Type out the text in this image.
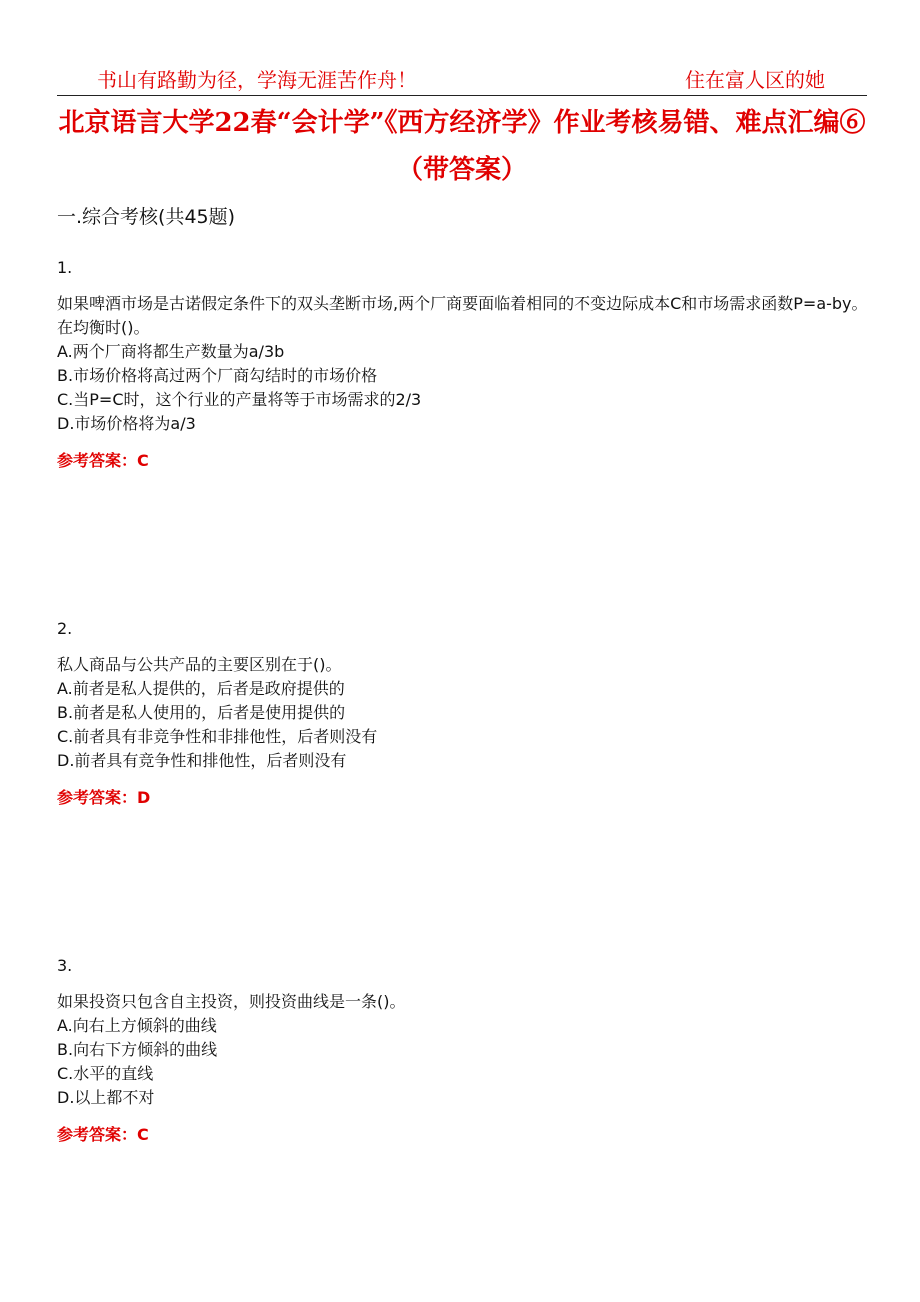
书山有路勤为径，学海无涯苦作舟！	住在富人区的她
北京语言大学22春“会计学”《西方经济学》作业考核易错、难点汇编⑥（带答案）
一.综合考核(共45题)
1.
如果啤酒市场是古诺假定条件下的双头垄断市场,两个厂商要面临着相同的不变边际成本C和市场需求函数P=a-by。在均衡时()。
A.两个厂商将都生产数量为a/3b
B.市场价格将高过两个厂商勾结时的市场价格
C.当P=C时，这个行业的产量将等于市场需求的2/3
D.市场价格将为a/3
参考答案：C
2.
私人商品与公共产品的主要区别在于()。
A.前者是私人提供的，后者是政府提供的
B.前者是私人使用的，后者是使用提供的
C.前者具有非竞争性和非排他性，后者则没有
D.前者具有竞争性和排他性，后者则没有
参考答案：D
3.
如果投资只包含自主投资，则投资曲线是一条()。
A.向右上方倾斜的曲线
B.向右下方倾斜的曲线
C.水平的直线
D.以上都不对
参考答案：C
